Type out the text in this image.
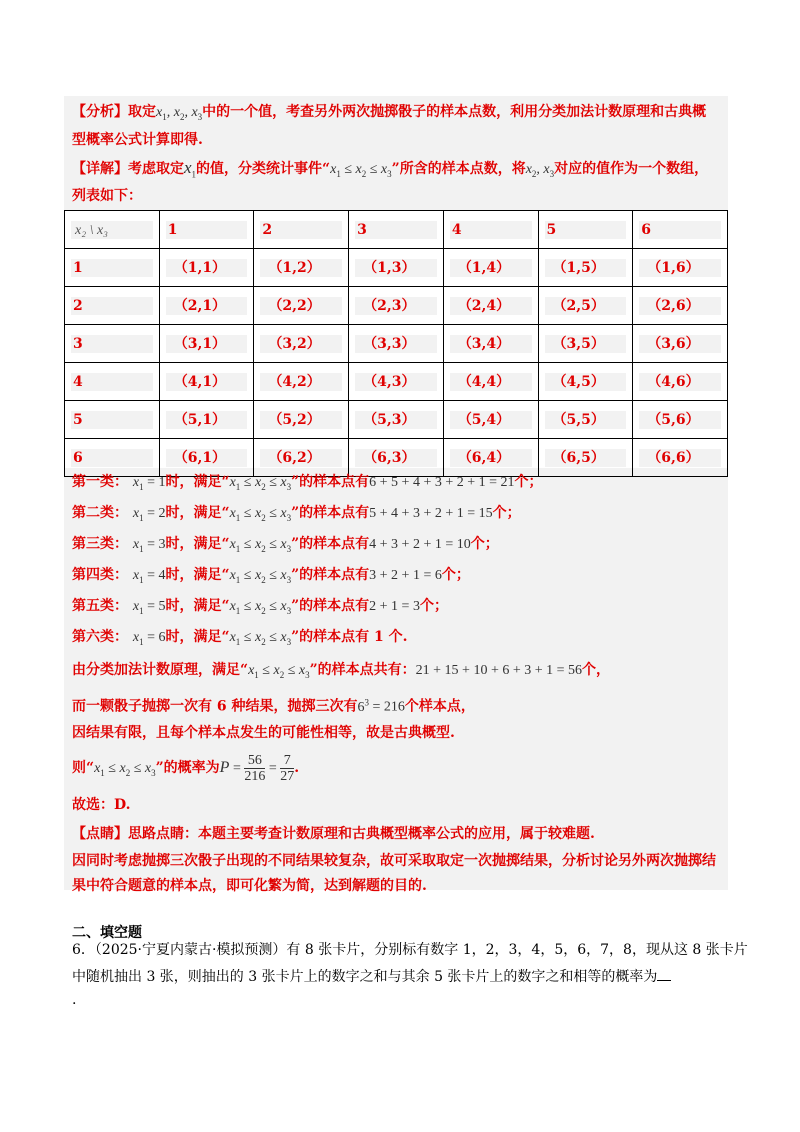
【分析】取定$x_1$, $x_2$, $x_3$中的一个值，考查另外两次抛掷骰子的样本点数，利用分类加法计数原理和古典概
型概率公式计算即得.
【详解】考虑取定$x_1$的值，分类统计事件“$x_1 \le x_2 \le x_3$”所含的样本点数，将$x_2$, $x_3$对应的值作为一个数组，
列表如下：
x₂ \ x₃	1	2	3	4	5	6

1	（1,1）	（1,2）	（1,3）	（1,4）	（1,5）	（1,6）

2	（2,1）	（2,2）	（2,3）	（2,4）	（2,5）	（2,6）

3	（3,1）	（3,2）	（3,3）	（3,4）	（3,5）	（3,6）

4	（4,1）	（4,2）	（4,3）	（4,4）	（4,5）	（4,6）

5	（5,1）	（5,2）	（5,3）	（5,4）	（5,5）	（5,6）

6	（6,1）	（6,2）	（6,3）	（6,4）	（6,5）	（6,6）
第一类： $x_1 = 1$时，满足“$x_1 \le x_2 \le x_3$”的样本点有6 + 5 + 4 + 3 + 2 + 1 = 21个；
第二类： $x_1 = 2$时，满足“$x_1 \le x_2 \le x_3$”的样本点有5 + 4 + 3 + 2 + 1 = 15个；
第三类： $x_1 = 3$时，满足“$x_1 \le x_2 \le x_3$”的样本点有4 + 3 + 2 + 1 = 10个；
第四类： $x_1 = 4$时，满足“$x_1 \le x_2 \le x_3$”的样本点有3 + 2 + 1 = 6个；
第五类： $x_1 = 5$时，满足“$x_1 \le x_2 \le x_3$”的样本点有2 + 1 = 3个；
第六类： $x_1 = 6$时，满足“$x_1 \le x_2 \le x_3$”的样本点有 1 个.
由分类加法计数原理，满足“$x_1 \le x_2 \le x_3$”的样本点共有：21 + 15 + 10 + 6 + 3 + 1 = 56个，
而一颗骰子抛掷一次有 6 种结果，抛掷三次有$6^3 = 216$个样本点，
因结果有限，且每个样本点发生的可能性相等，故是古典概型.
则“$x_1 \le x_2 \le x_3$”的概率为$P = \frac{56}{216} = \frac{7}{27}$ .
故选：D.
【点睛】思路点睛：本题主要考查计数原理和古典概型概率公式的应用，属于较难题.
因同时考虑抛掷三次骰子出现的不同结果较复杂，故可采取取定一次抛掷结果，分析讨论另外两次抛掷结
果中符合题意的样本点，即可化繁为简，达到解题的目的.
二、填空题
6．（2025·宁夏内蒙古·模拟预测）有 8 张卡片，分别标有数字 1，2，3，4，5，6，7，8，现从这 8 张卡片
中随机抽出 3 张，则抽出的 3 张卡片上的数字之和与其余 5 张卡片上的数字之和相等的概率为
.
